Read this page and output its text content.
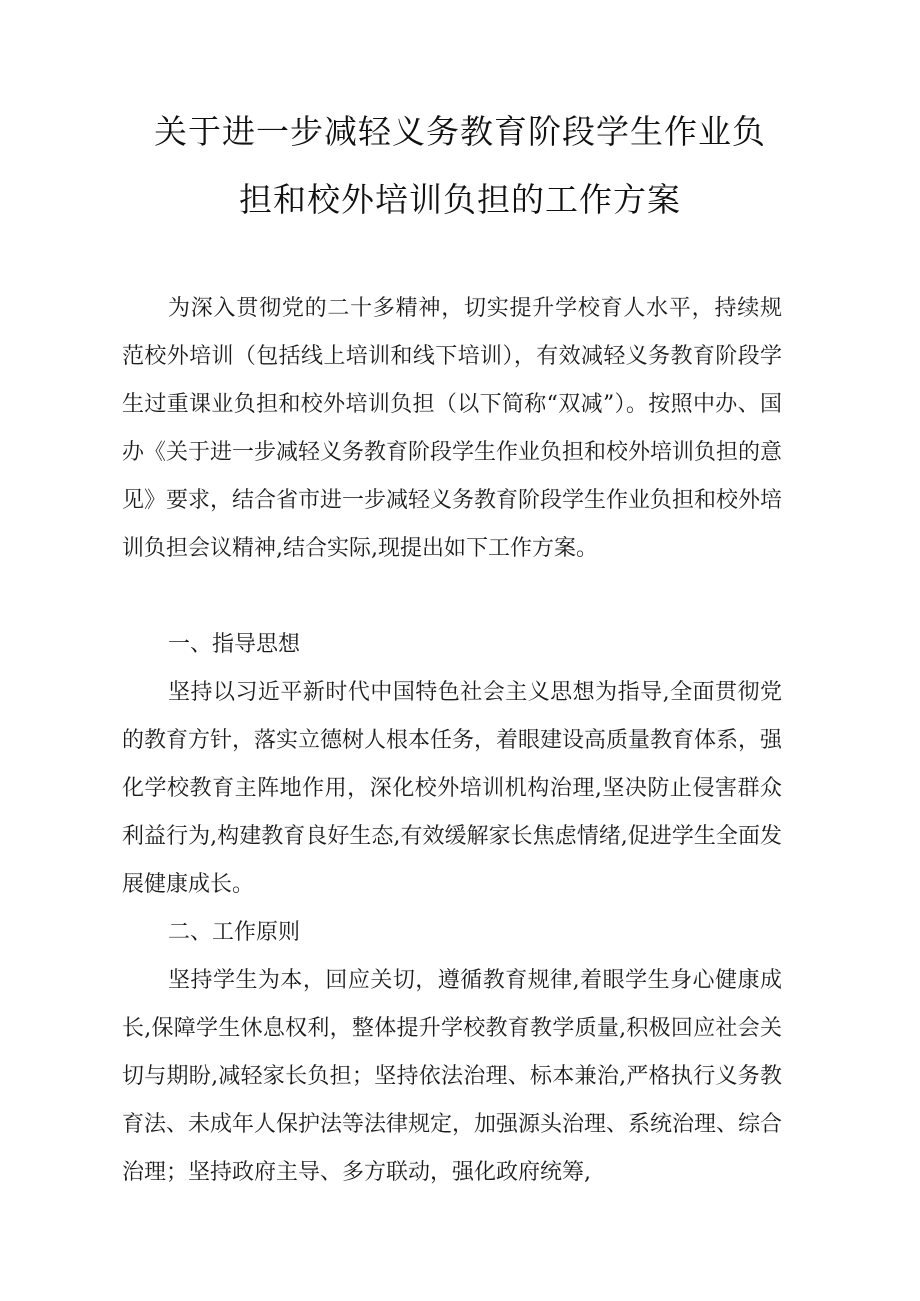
关于进一步减轻义务教育阶段学生作业负
担和校外培训负担的工作方案

为深入贯彻党的二十多精神，切实提升学校育人水平，持续规范校外培训（包括线上培训和线下培训），有效减轻义务教育阶段学生过重课业负担和校外培训负担（以下简称“双减”）。按照中办、国办《关于进一步减轻义务教育阶段学生作业负担和校外培训负担的意见》要求，结合省市进一步减轻义务教育阶段学生作业负担和校外培训负担会议精神,结合实际,现提出如下工作方案。

一、指导思想

坚持以习近平新时代中国特色社会主义思想为指导,全面贯彻党的教育方针，落实立德树人根本任务，着眼建设高质量教育体系，强化学校教育主阵地作用，深化校外培训机构治理,坚决防止侵害群众利益行为,构建教育良好生态,有效缓解家长焦虑情绪,促进学生全面发展健康成长。

二、工作原则

坚持学生为本，回应关切，遵循教育规律,着眼学生身心健康成长,保障学生休息权利，整体提升学校教育教学质量,积极回应社会关切与期盼,减轻家长负担；坚持依法治理、标本兼治,严格执行义务教育法、未成年人保护法等法律规定，加强源头治理、系统治理、综合治理；坚持政府主导、多方联动，强化政府统筹,
